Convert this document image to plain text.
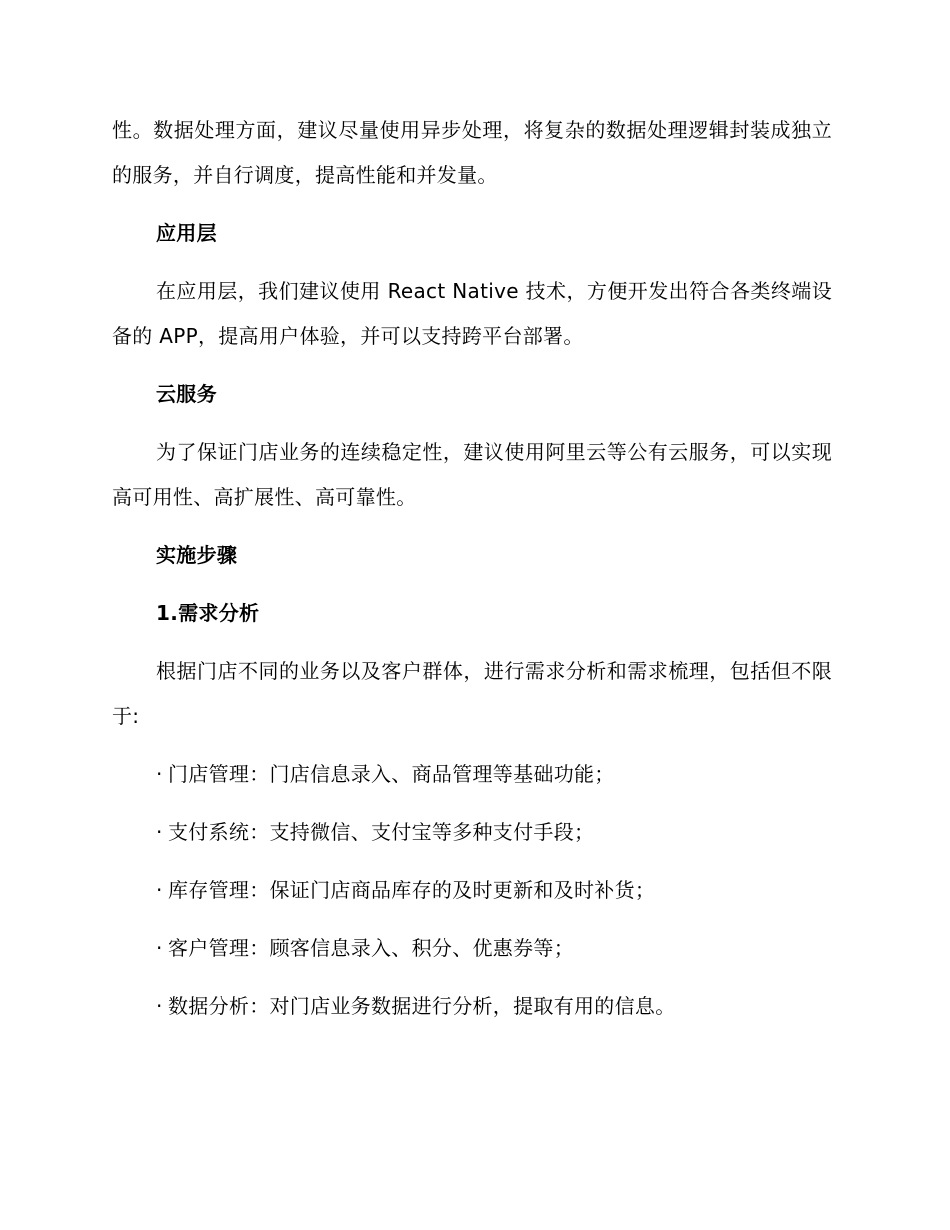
性。数据处理方面，建议尽量使用异步处理，将复杂的数据处理逻辑封装成独立的服务，并自行调度，提高性能和并发量。

应用层

在应用层，我们建议使用 React Native 技术，方便开发出符合各类终端设备的 APP，提高用户体验，并可以支持跨平台部署。

云服务

为了保证门店业务的连续稳定性，建议使用阿里云等公有云服务，可以实现高可用性、高扩展性、高可靠性。

实施步骤
1.需求分析

根据门店不同的业务以及客户群体，进行需求分析和需求梳理，包括但不限于:

· 门店管理：门店信息录入、商品管理等基础功能；
· 支付系统：支持微信、支付宝等多种支付手段；
· 库存管理：保证门店商品库存的及时更新和及时补货；
· 客户管理：顾客信息录入、积分、优惠券等；
· 数据分析：对门店业务数据进行分析，提取有用的信息。
